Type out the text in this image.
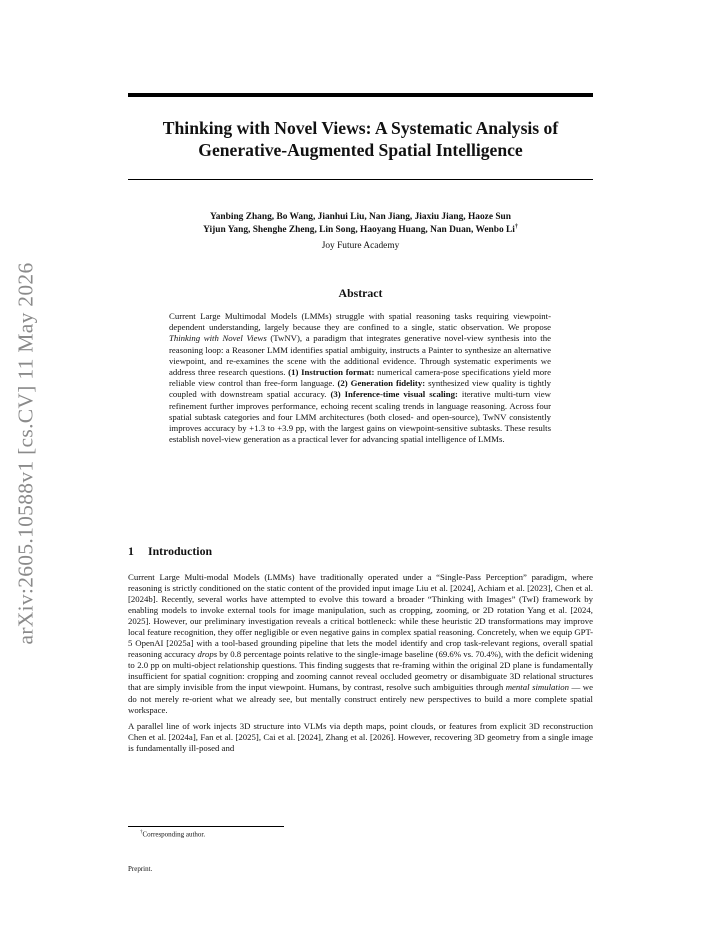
arXiv:2605.10588v1 [cs.CV] 11 May 2026
Thinking with Novel Views: A Systematic Analysis of Generative-Augmented Spatial Intelligence
Yanbing Zhang, Bo Wang, Jianhui Liu, Nan Jiang, Jiaxiu Jiang, Haoze Sun
Yijun Yang, Shenghe Zheng, Lin Song, Haoyang Huang, Nan Duan, Wenbo Li†
Joy Future Academy
Abstract
Current Large Multimodal Models (LMMs) struggle with spatial reasoning tasks requiring viewpoint-dependent understanding, largely because they are confined to a single, static observation. We propose Thinking with Novel Views (TwNV), a paradigm that integrates generative novel-view synthesis into the reasoning loop: a Reasoner LMM identifies spatial ambiguity, instructs a Painter to synthesize an alternative viewpoint, and re-examines the scene with the additional evidence. Through systematic experiments we address three research questions. (1) Instruction format: numerical camera-pose specifications yield more reliable view control than free-form language. (2) Generation fidelity: synthesized view quality is tightly coupled with downstream spatial accuracy. (3) Inference-time visual scaling: iterative multi-turn view refinement further improves performance, echoing recent scaling trends in language reasoning. Across four spatial subtask categories and four LMM architectures (both closed- and open-source), TwNV consistently improves accuracy by +1.3 to +3.9 pp, with the largest gains on viewpoint-sensitive subtasks. These results establish novel-view generation as a practical lever for advancing spatial intelligence of LMMs.
1 Introduction

Current Large Multi-modal Models (LMMs) have traditionally operated under a “Single-Pass Perception” paradigm, where reasoning is strictly conditioned on the static content of the provided input image Liu et al. [2024], Achiam et al. [2023], Chen et al. [2024b]. Recently, several works have attempted to evolve this toward a broader “Thinking with Images” (TwI) framework by enabling models to invoke external tools for image manipulation, such as cropping, zooming, or 2D rotation Yang et al. [2024, 2025]. However, our preliminary investigation reveals a critical bottleneck: while these heuristic 2D transformations may improve local feature recognition, they offer negligible or even negative gains in complex spatial reasoning. Concretely, when we equip GPT-5 OpenAI [2025a] with a tool-based grounding pipeline that lets the model identify and crop task-relevant regions, overall spatial reasoning accuracy drops by 0.8 percentage points relative to the single-image baseline (69.6% vs. 70.4%), with the deficit widening to 2.0 pp on multi-object relationship questions. This finding suggests that re-framing within the original 2D plane is fundamentally insufficient for spatial cognition: cropping and zooming cannot reveal occluded geometry or disambiguate 3D relational structures that are simply invisible from the input viewpoint. Humans, by contrast, resolve such ambiguities through mental simulation — we do not merely re-orient what we already see, but mentally construct entirely new perspectives to build a more complete spatial workspace.

A parallel line of work injects 3D structure into VLMs via depth maps, point clouds, or features from explicit 3D reconstruction Chen et al. [2024a], Fan et al. [2025], Cai et al. [2024], Zhang et al. [2026]. However, recovering 3D geometry from a single image is fundamentally ill-posed and

†Corresponding author.
Preprint.
